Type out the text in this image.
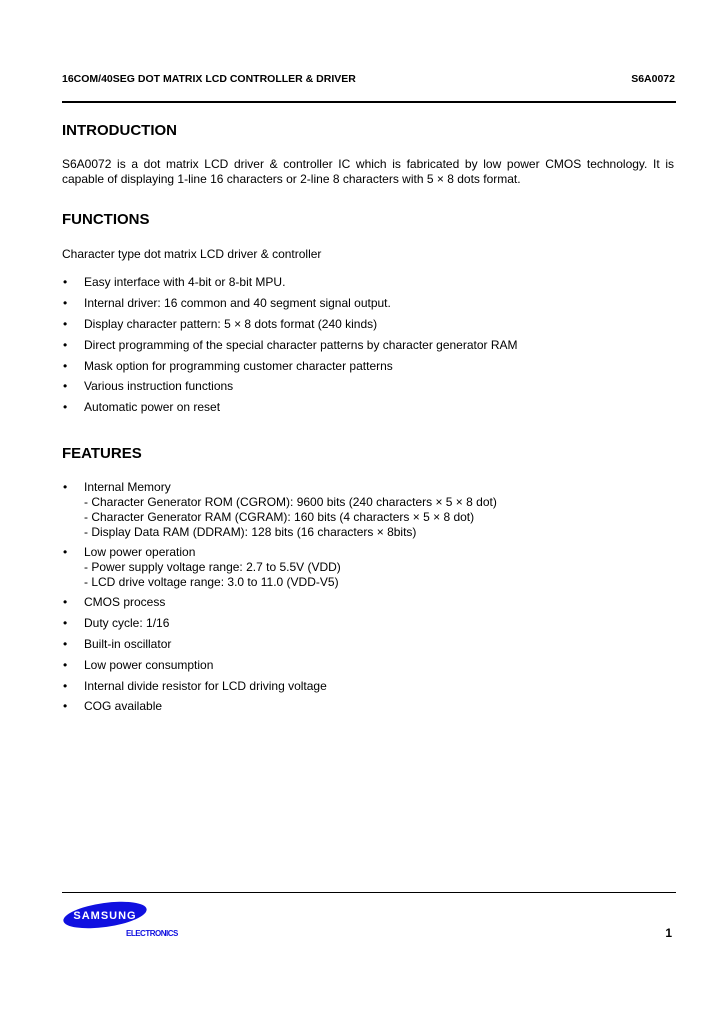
16COM/40SEG DOT MATRIX LCD CONTROLLER & DRIVER	S6A0072
INTRODUCTION
S6A0072 is a dot matrix LCD driver & controller IC which is fabricated by low power CMOS technology. It is
capable of displaying 1-line 16 characters or 2-line 8 characters with 5 × 8 dots format.
FUNCTIONS
Character type dot matrix LCD driver & controller
• Easy interface with 4-bit or 8-bit MPU.
• Internal driver: 16 common and 40 segment signal output.
• Display character pattern: 5 × 8 dots format (240 kinds)
• Direct programming of the special character patterns by character generator RAM
• Mask option for programming customer character patterns
• Various instruction functions
• Automatic power on reset
FEATURES
• Internal Memory
- Character Generator ROM (CGROM): 9600 bits (240 characters × 5 × 8 dot)
- Character Generator RAM (CGRAM): 160 bits (4 characters × 5 × 8 dot)
- Display Data RAM (DDRAM): 128 bits (16 characters × 8bits)
• Low power operation
- Power supply voltage range: 2.7 to 5.5V (VDD)
- LCD drive voltage range: 3.0 to 11.0 (VDD-V5)
• CMOS process
• Duty cycle: 1/16
• Built-in oscillator
• Low power consumption
• Internal divide resistor for LCD driving voltage
• COG available
SAMSUNG
ELECTRONICS	1
